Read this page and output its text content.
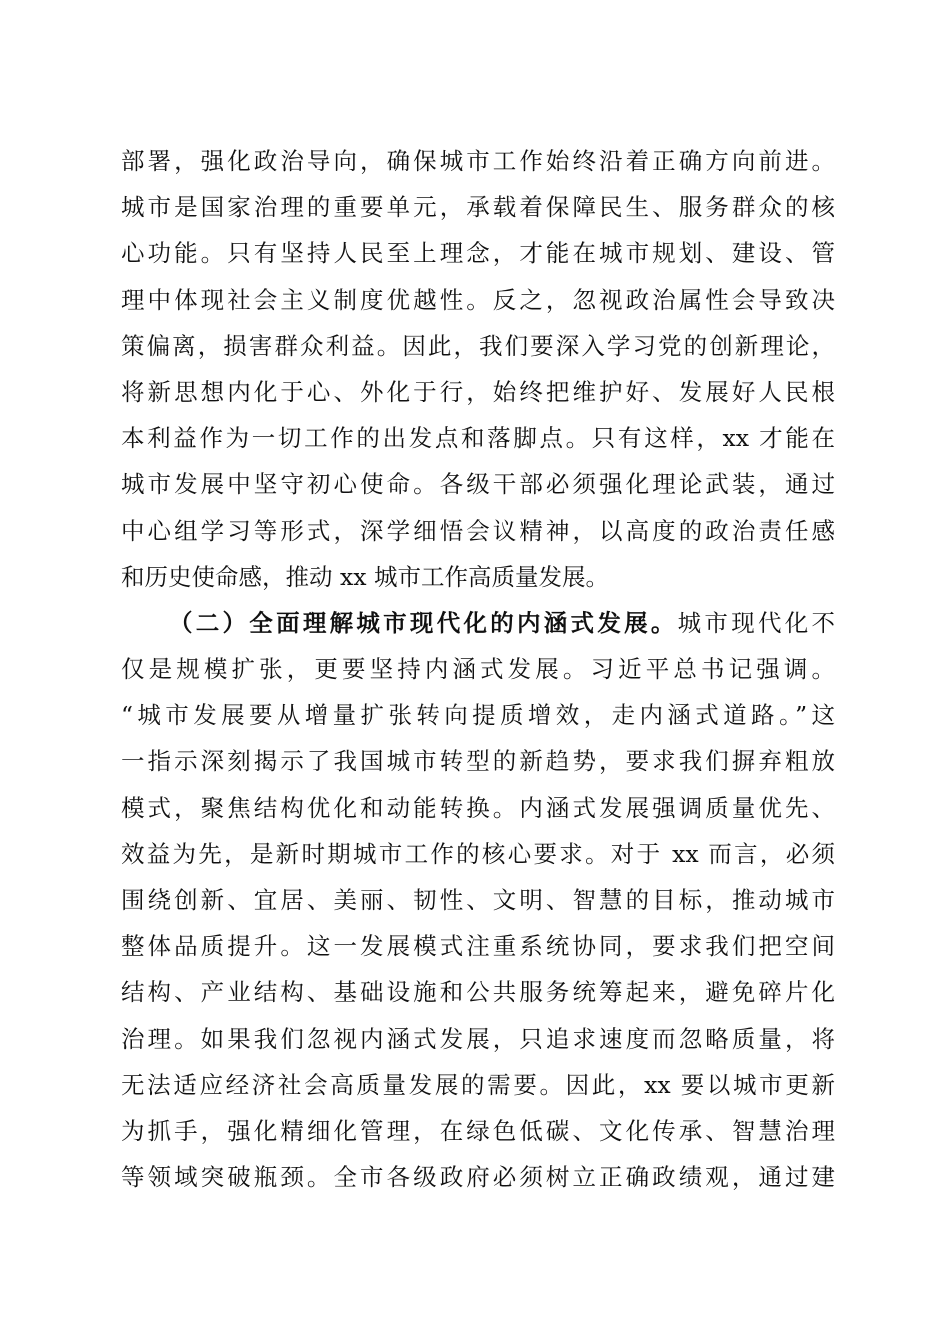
部署，强化政治导向，确保城市工作始终沿着正确方向前进。
城市是国家治理的重要单元，承载着保障民生、服务群众的核
心功能。只有坚持人民至上理念，才能在城市规划、建设、管
理中体现社会主义制度优越性。反之，忽视政治属性会导致决
策偏离，损害群众利益。因此，我们要深入学习党的创新理论，
将新思想内化于心、外化于行，始终把维护好、发展好人民根
本利益作为一切工作的出发点和落脚点。只有这样，xx 才能在
城市发展中坚守初心使命。各级干部必须强化理论武装，通过
中心组学习等形式，深学细悟会议精神，以高度的政治责任感
和历史使命感，推动 xx 城市工作高质量发展。
（二）全面理解城市现代化的内涵式发展。城市现代化不
仅是规模扩张，更要坚持内涵式发展。习近平总书记强调。
“城市发展要从增量扩张转向提质增效，走内涵式道路。”这
一指示深刻揭示了我国城市转型的新趋势，要求我们摒弃粗放
模式，聚焦结构优化和动能转换。内涵式发展强调质量优先、
效益为先，是新时期城市工作的核心要求。对于 xx 而言，必须
围绕创新、宜居、美丽、韧性、文明、智慧的目标，推动城市
整体品质提升。这一发展模式注重系统协同，要求我们把空间
结构、产业结构、基础设施和公共服务统筹起来，避免碎片化
治理。如果我们忽视内涵式发展，只追求速度而忽略质量，将
无法适应经济社会高质量发展的需要。因此，xx 要以城市更新
为抓手，强化精细化管理，在绿色低碳、文化传承、智慧治理
等领域突破瓶颈。全市各级政府必须树立正确政绩观，通过建
